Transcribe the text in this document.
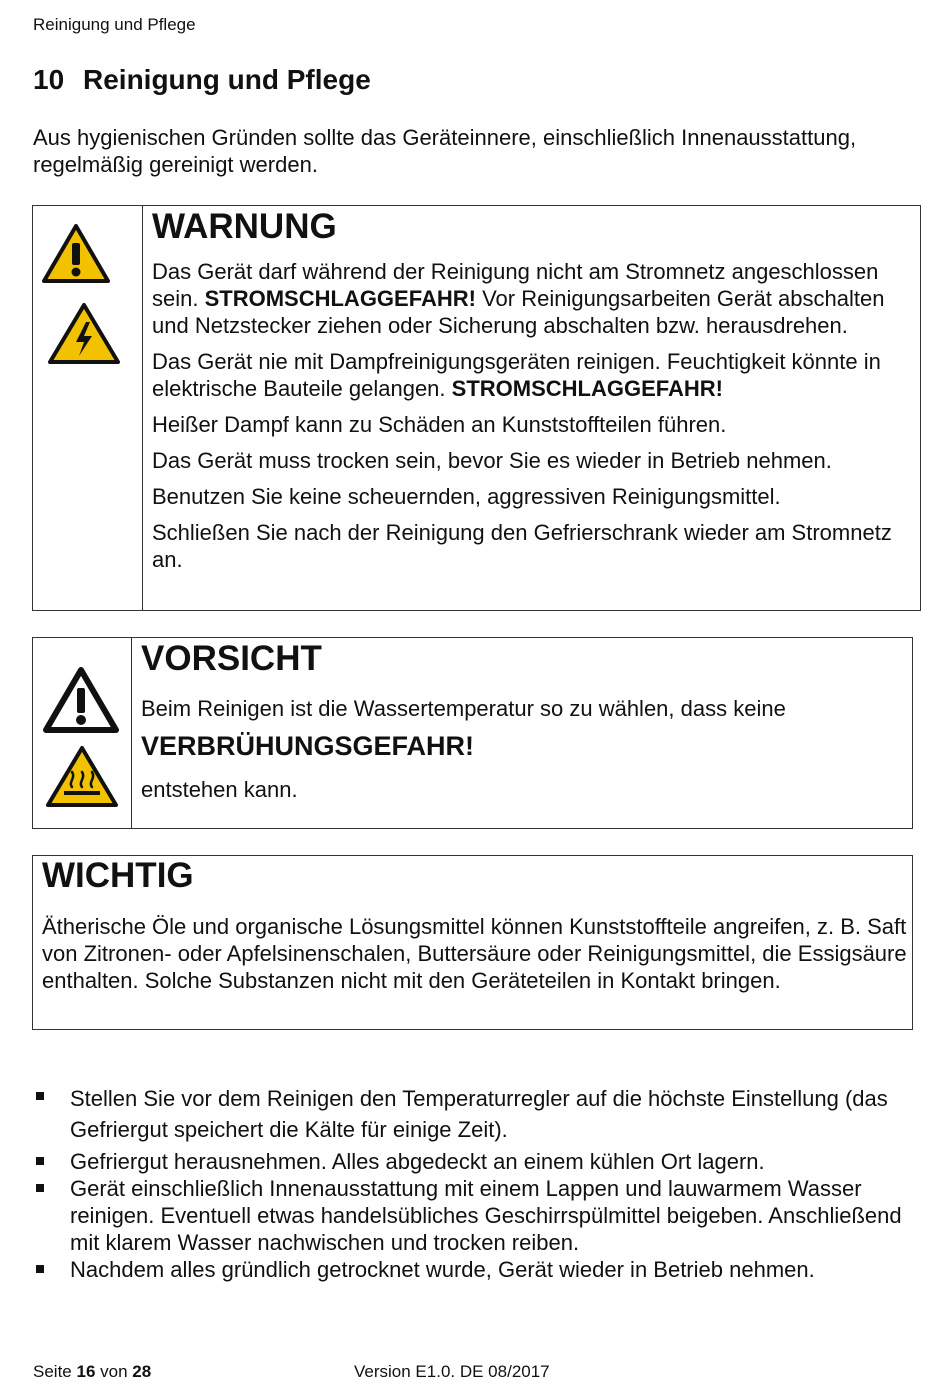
Reinigung und Pflege
10 Reinigung und Pflege
Aus hygienischen Gründen sollte das Geräteinnere, einschließlich Innenausstattung, regelmäßig gereinigt werden.
WARNUNG

Das Gerät darf während der Reinigung nicht am Stromnetz angeschlossen sein. STROMSCHLAGGEFAHR! Vor Reinigungsarbeiten Gerät abschalten und Netzstecker ziehen oder Sicherung abschalten bzw. herausdrehen.

Das Gerät nie mit Dampfreinigungsgeräten reinigen. Feuchtigkeit könnte in elektrische Bauteile gelangen. STROMSCHLAGGEFAHR!

Heißer Dampf kann zu Schäden an Kunststoffteilen führen.

Das Gerät muss trocken sein, bevor Sie es wieder in Betrieb nehmen.

Benutzen Sie keine scheuernden, aggressiven Reinigungsmittel.

Schließen Sie nach der Reinigung den Gefrierschrank wieder am Stromnetz an.

VORSICHT

Beim Reinigen ist die Wassertemperatur so zu wählen, dass keine

VERBRÜHUNGSGEFAHR!

entstehen kann.

WICHTIG

Ätherische Öle und organische Lösungsmittel können Kunststoffteile angreifen, z. B. Saft von Zitronen- oder Apfelsinenschalen, Buttersäure oder Reinigungsmittel, die Essigsäure enthalten. Solche Substanzen nicht mit den Geräteteilen in Kontakt bringen.

Stellen Sie vor dem Reinigen den Temperaturregler auf die höchste Einstellung (das Gefriergut speichert die Kälte für einige Zeit).
Gefriergut herausnehmen. Alles abgedeckt an einem kühlen Ort lagern.
Gerät einschließlich Innenausstattung mit einem Lappen und lauwarmem Wasser reinigen. Eventuell etwas handelsübliches Geschirrspülmittel beigeben. Anschließend mit klarem Wasser nachwischen und trocken reiben.
Nachdem alles gründlich getrocknet wurde, Gerät wieder in Betrieb nehmen.
Seite 16 von 28	Version E1.0. DE 08/2017
